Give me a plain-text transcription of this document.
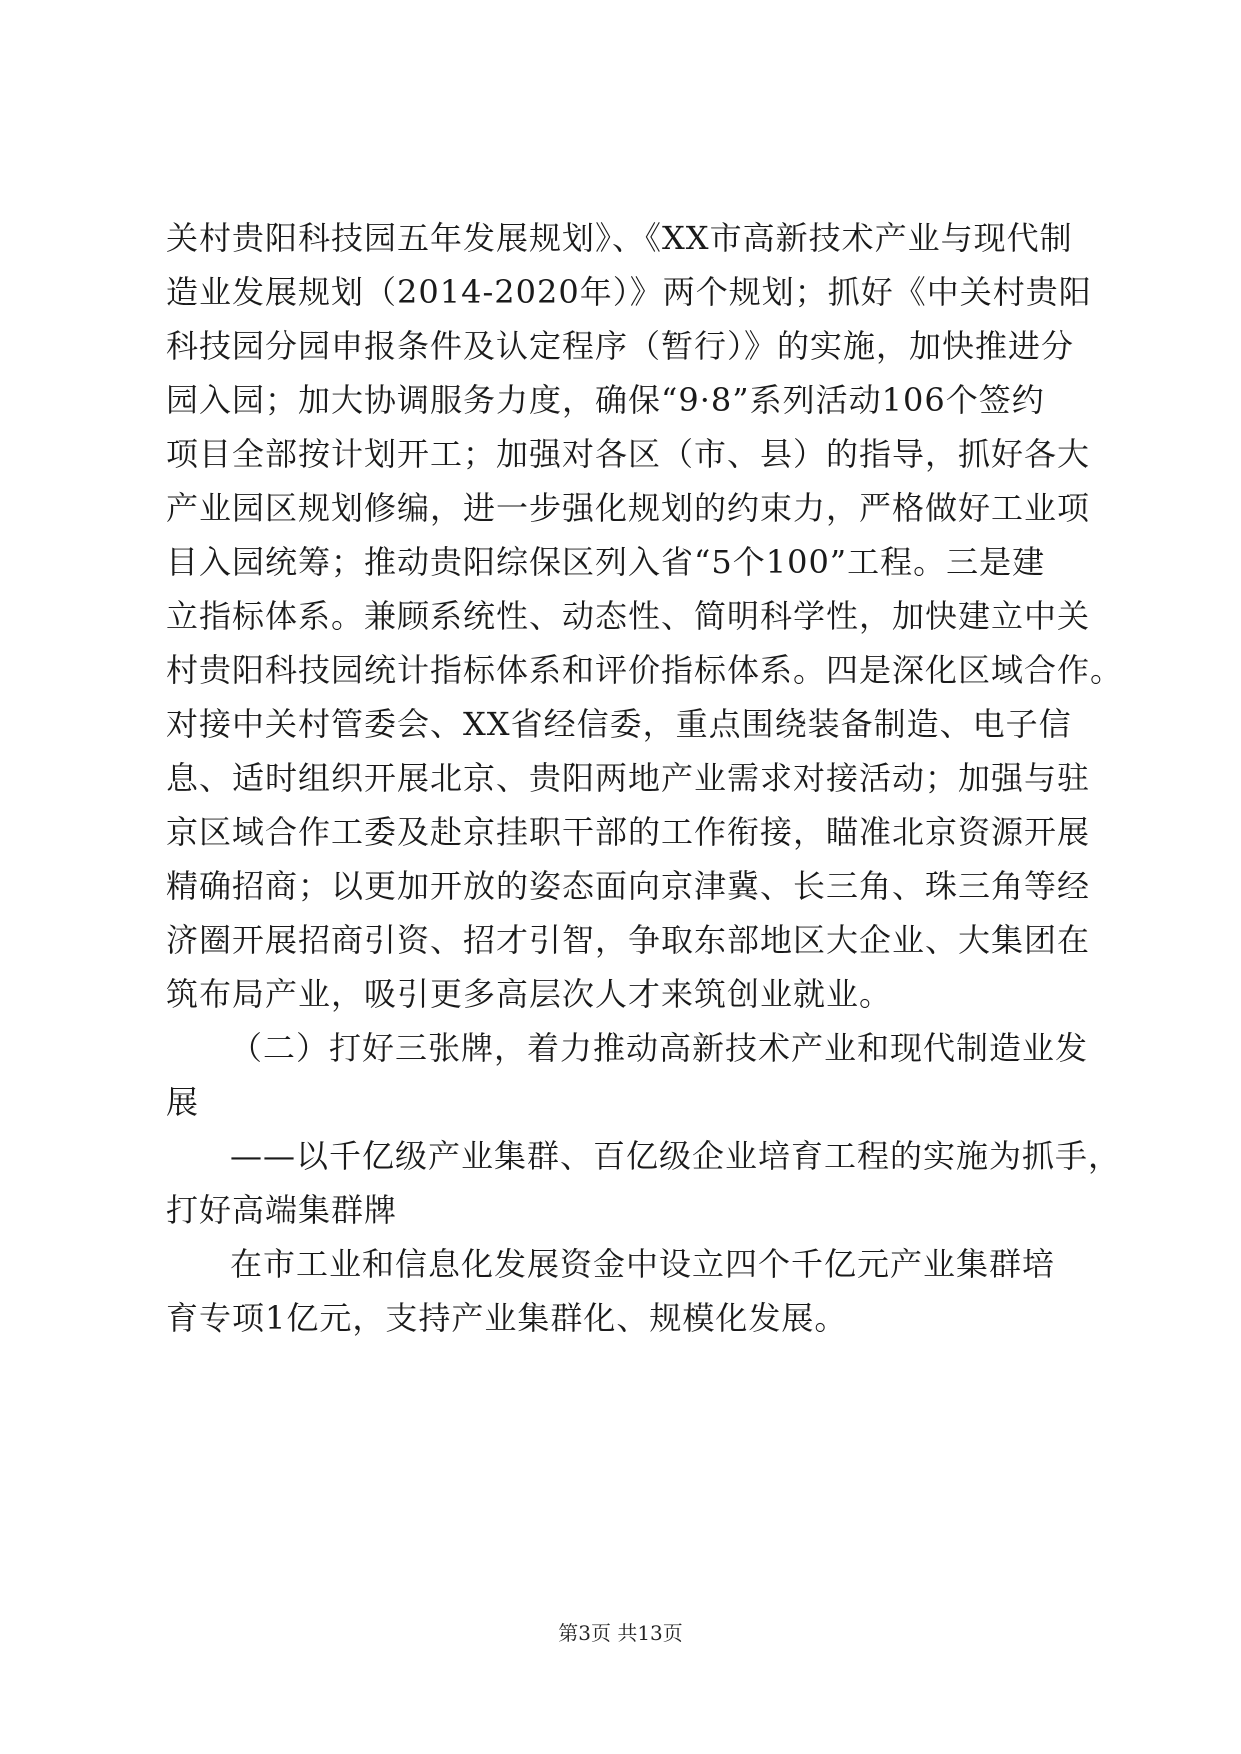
关村贵阳科技园五年发展规划》、《XX市高新技术产业与现代制
造业发展规划（2014-2020年）》两个规划；抓好《中关村贵阳
科技园分园申报条件及认定程序（暂行）》的实施，加快推进分
园入园；加大协调服务力度，确保“9·8”系列活动106个签约
项目全部按计划开工；加强对各区（市、县）的指导，抓好各大
产业园区规划修编，进一步强化规划的约束力，严格做好工业项
目入园统筹；推动贵阳综保区列入省“5个100”工程。三是建
立指标体系。兼顾系统性、动态性、简明科学性，加快建立中关
村贵阳科技园统计指标体系和评价指标体系。四是深化区域合作。
对接中关村管委会、XX省经信委，重点围绕装备制造、电子信
息、适时组织开展北京、贵阳两地产业需求对接活动；加强与驻
京区域合作工委及赴京挂职干部的工作衔接，瞄准北京资源开展
精确招商；以更加开放的姿态面向京津冀、长三角、珠三角等经
济圈开展招商引资、招才引智，争取东部地区大企业、大集团在
筑布局产业，吸引更多高层次人才来筑创业就业。
（二）打好三张牌，着力推动高新技术产业和现代制造业发
展
——以千亿级产业集群、百亿级企业培育工程的实施为抓手，
打好高端集群牌
在市工业和信息化发展资金中设立四个千亿元产业集群培
育专项1亿元，支持产业集群化、规模化发展。
第3页 共13页
